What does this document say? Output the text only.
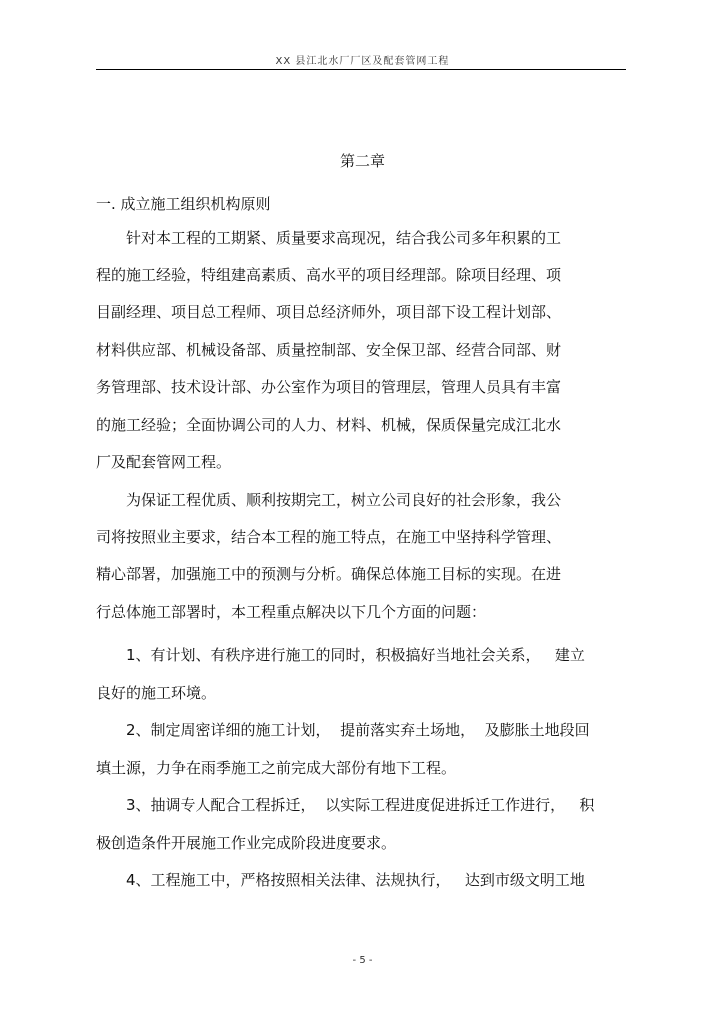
XX 县江北水厂厂区及配套管网工程
第二章
一. 成立施工组织机构原则
针对本工程的工期紧、质量要求高现况，结合我公司多年积累的工
程的施工经验，特组建高素质、高水平的项目经理部。除项目经理、项
目副经理、项目总工程师、项目总经济师外，项目部下设工程计划部、
材料供应部、机械设备部、质量控制部、安全保卫部、经营合同部、财
务管理部、技术设计部、办公室作为项目的管理层，管理人员具有丰富
的施工经验；全面协调公司的人力、材料、机械，保质保量完成江北水
厂及配套管网工程。
为保证工程优质、顺利按期完工，树立公司良好的社会形象，我公
司将按照业主要求，结合本工程的施工特点，在施工中坚持科学管理、
精心部署，加强施工中的预测与分析。确保总体施工目标的实现。在进
行总体施工部署时，本工程重点解决以下几个方面的问题：
1、有计划、有秩序进行施工的同时，积极搞好当地社会关系，   建立
良好的施工环境。
2、制定周密详细的施工计划，  提前落实弃土场地，  及膨胀土地段回
填土源，力争在雨季施工之前完成大部份有地下工程。
3、抽调专人配合工程拆迁，  以实际工程进度促进拆迁工作进行，   积
极创造条件开展施工作业完成阶段进度要求。
4、工程施工中，严格按照相关法律、法规执行，   达到市级文明工地
- 5 -
